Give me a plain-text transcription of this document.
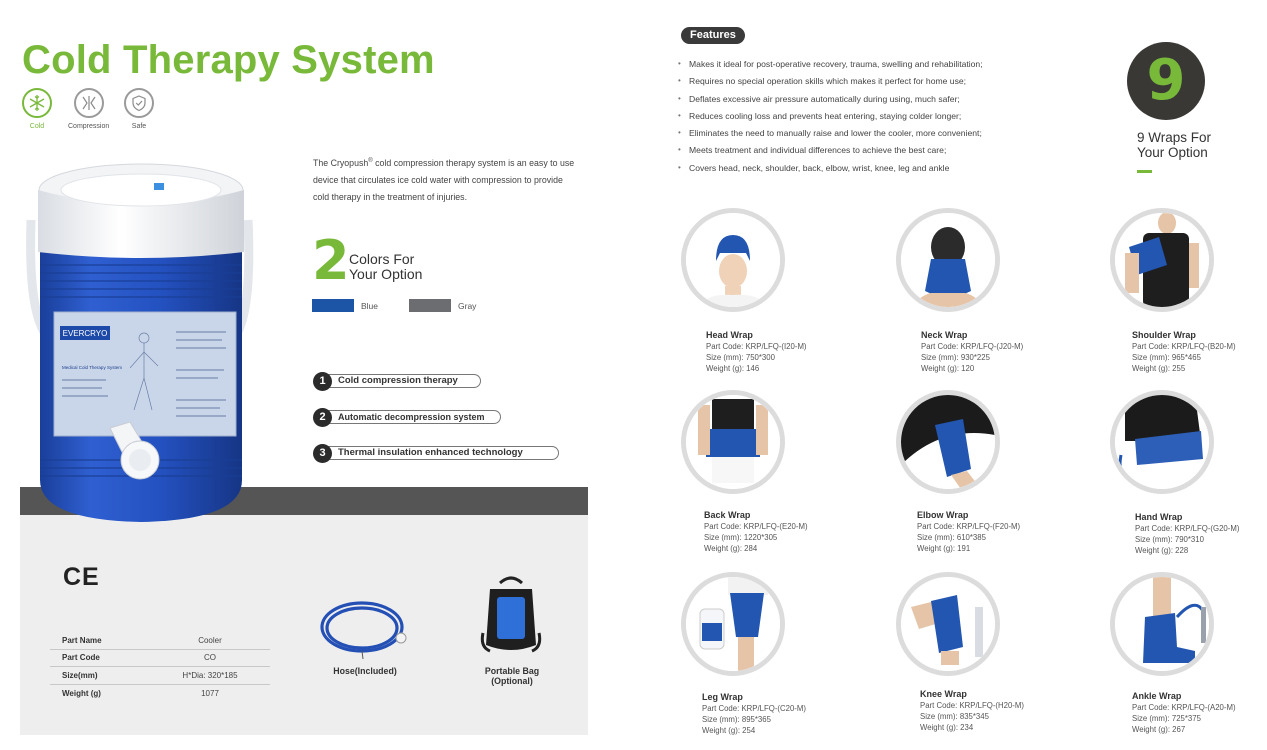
Cold Therapy System
Cold	Compression	Safe
EVERCRYO
Medical Cold Therapy System
The Cryopush® cold compression therapy system is an easy to use device that circulates ice cold water with compression to provide cold therapy in the treatment of injuries.
2 Colors For
Your Option
Blue	Gray
1	Cold compression therapy
2	Automatic decompression system
3	Thermal insulation enhanced technology
CE
Part Name	Cooler
Part Code	CO
Size(mm)	H*Dia: 320*185
Weight (g)	1077
Hose(Included)	Portable Bag
(Optional)
Features
• Makes it ideal for post-operative recovery, trauma, swelling and rehabilitation;
• Requires no special operation skills which makes it perfect for home use;
• Deflates excessive air pressure automatically during using, much safer;
• Reduces cooling loss and prevents heat entering, staying colder longer;
• Eliminates the need to manually raise and lower the cooler, more convenient;
• Meets treatment and individual differences to achieve the best care;
• Covers head, neck, shoulder, back, elbow, wrist, knee, leg and ankle
9
9 Wraps For
Your Option
Head Wrap
Part Code: KRP/LFQ-(I20-M)
Size (mm): 750*300
Weight (g): 146
Neck Wrap
Part Code: KRP/LFQ-(J20-M)
Size (mm): 930*225
Weight (g): 120
Shoulder Wrap
Part Code: KRP/LFQ-(B20-M)
Size (mm): 965*465
Weight (g): 255
Back Wrap
Part Code: KRP/LFQ-(E20-M)
Size (mm): 1220*305
Weight (g): 284
Elbow Wrap
Part Code: KRP/LFQ-(F20-M)
Size (mm): 610*385
Weight (g): 191
Hand Wrap
Part Code: KRP/LFQ-(G20-M)
Size (mm): 790*310
Weight (g): 228
Leg Wrap
Part Code: KRP/LFQ-(C20-M)
Size (mm): 895*365
Weight (g): 254
Knee Wrap
Part Code: KRP/LFQ-(H20-M)
Size (mm): 835*345
Weight (g): 234
Ankle Wrap
Part Code: KRP/LFQ-(A20-M)
Size (mm): 725*375
Weight (g): 267
